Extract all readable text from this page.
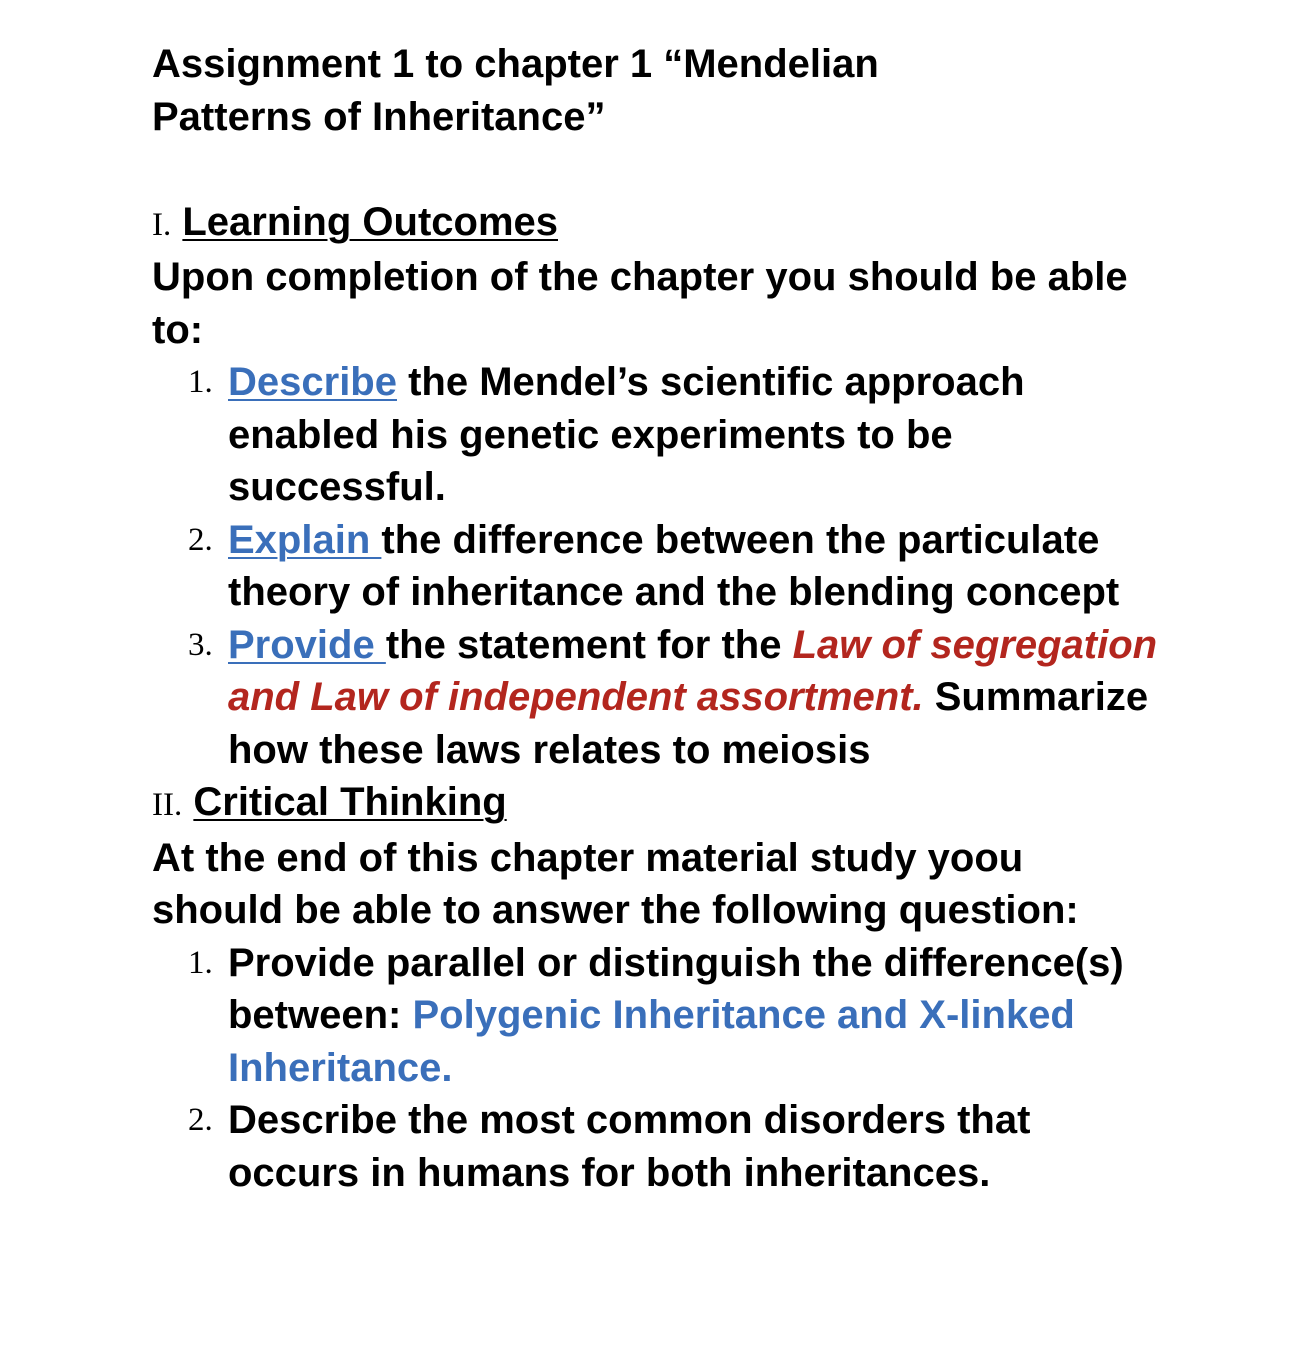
Assignment 1 to chapter 1 “Mendelian
Patterns of Inheritance”
I. Learning Outcomes

Upon completion of the chapter you should be able to:

1. Describe the Mendel’s scientific approach enabled his genetic experiments to be successful.
2. Explain the difference between the particulate theory of inheritance and the blending concept
3. Provide the statement for the Law of segregation and Law of independent assortment. Summarize how these laws relates to meiosis
II. Critical Thinking

At the end of this chapter material study yoou should be able to answer the following question:

1. Provide parallel or distinguish the difference(s) between: Polygenic Inheritance and X-linked Inheritance.
2. Describe the most common disorders that occurs in humans for both inheritances.
